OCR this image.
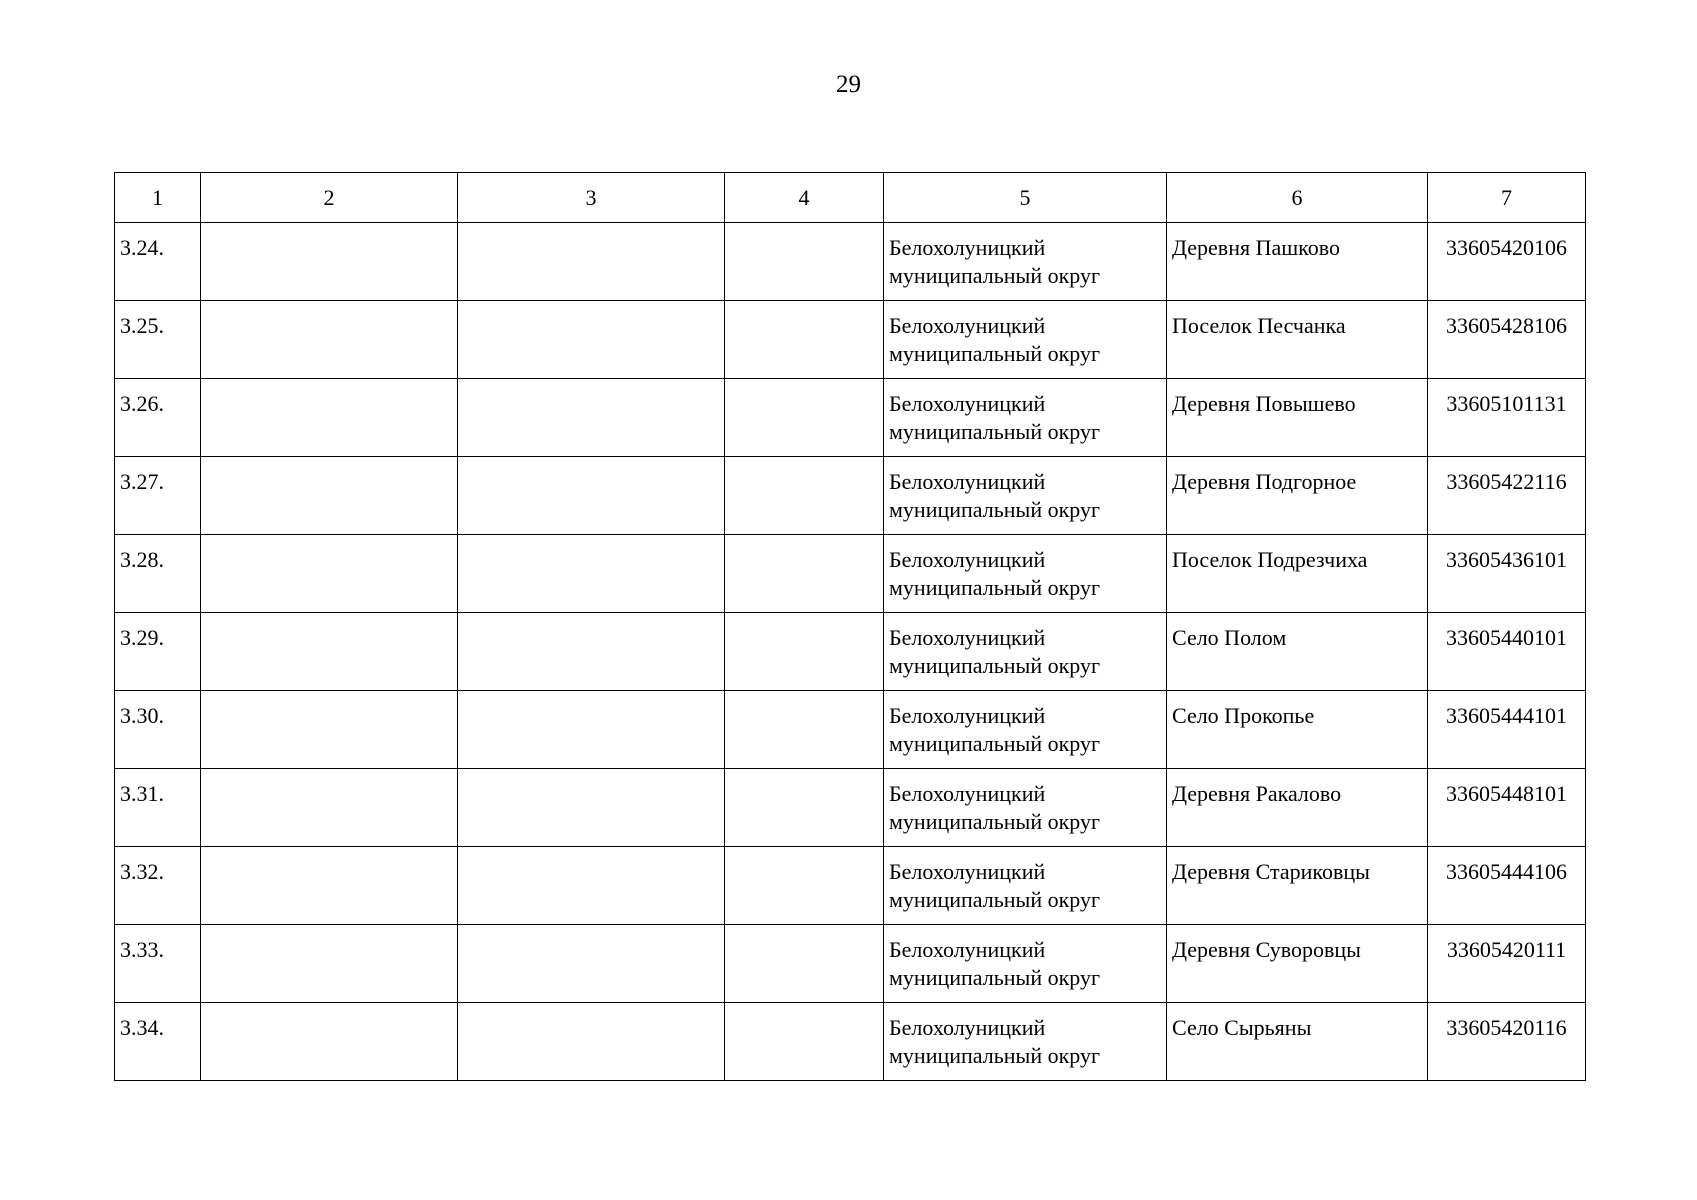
29
1	2	3	4	5	6	7
3.24.				Белохолуницкий муниципальный округ	Деревня Пашково	33605420106
3.25.				Белохолуницкий муниципальный округ	Поселок Песчанка	33605428106
3.26.				Белохолуницкий муниципальный округ	Деревня Повышево	33605101131
3.27.				Белохолуницкий муниципальный округ	Деревня Подгорное	33605422116
3.28.				Белохолуницкий муниципальный округ	Поселок Подрезчиха	33605436101
3.29.				Белохолуницкий муниципальный округ	Село Полом	33605440101
3.30.				Белохолуницкий муниципальный округ	Село Прокопье	33605444101
3.31.				Белохолуницкий муниципальный округ	Деревня Ракалово	33605448101
3.32.				Белохолуницкий муниципальный округ	Деревня Стариковцы	33605444106
3.33.				Белохолуницкий муниципальный округ	Деревня Суворовцы	33605420111
3.34.				Белохолуницкий муниципальный округ	Село Сырьяны	33605420116
